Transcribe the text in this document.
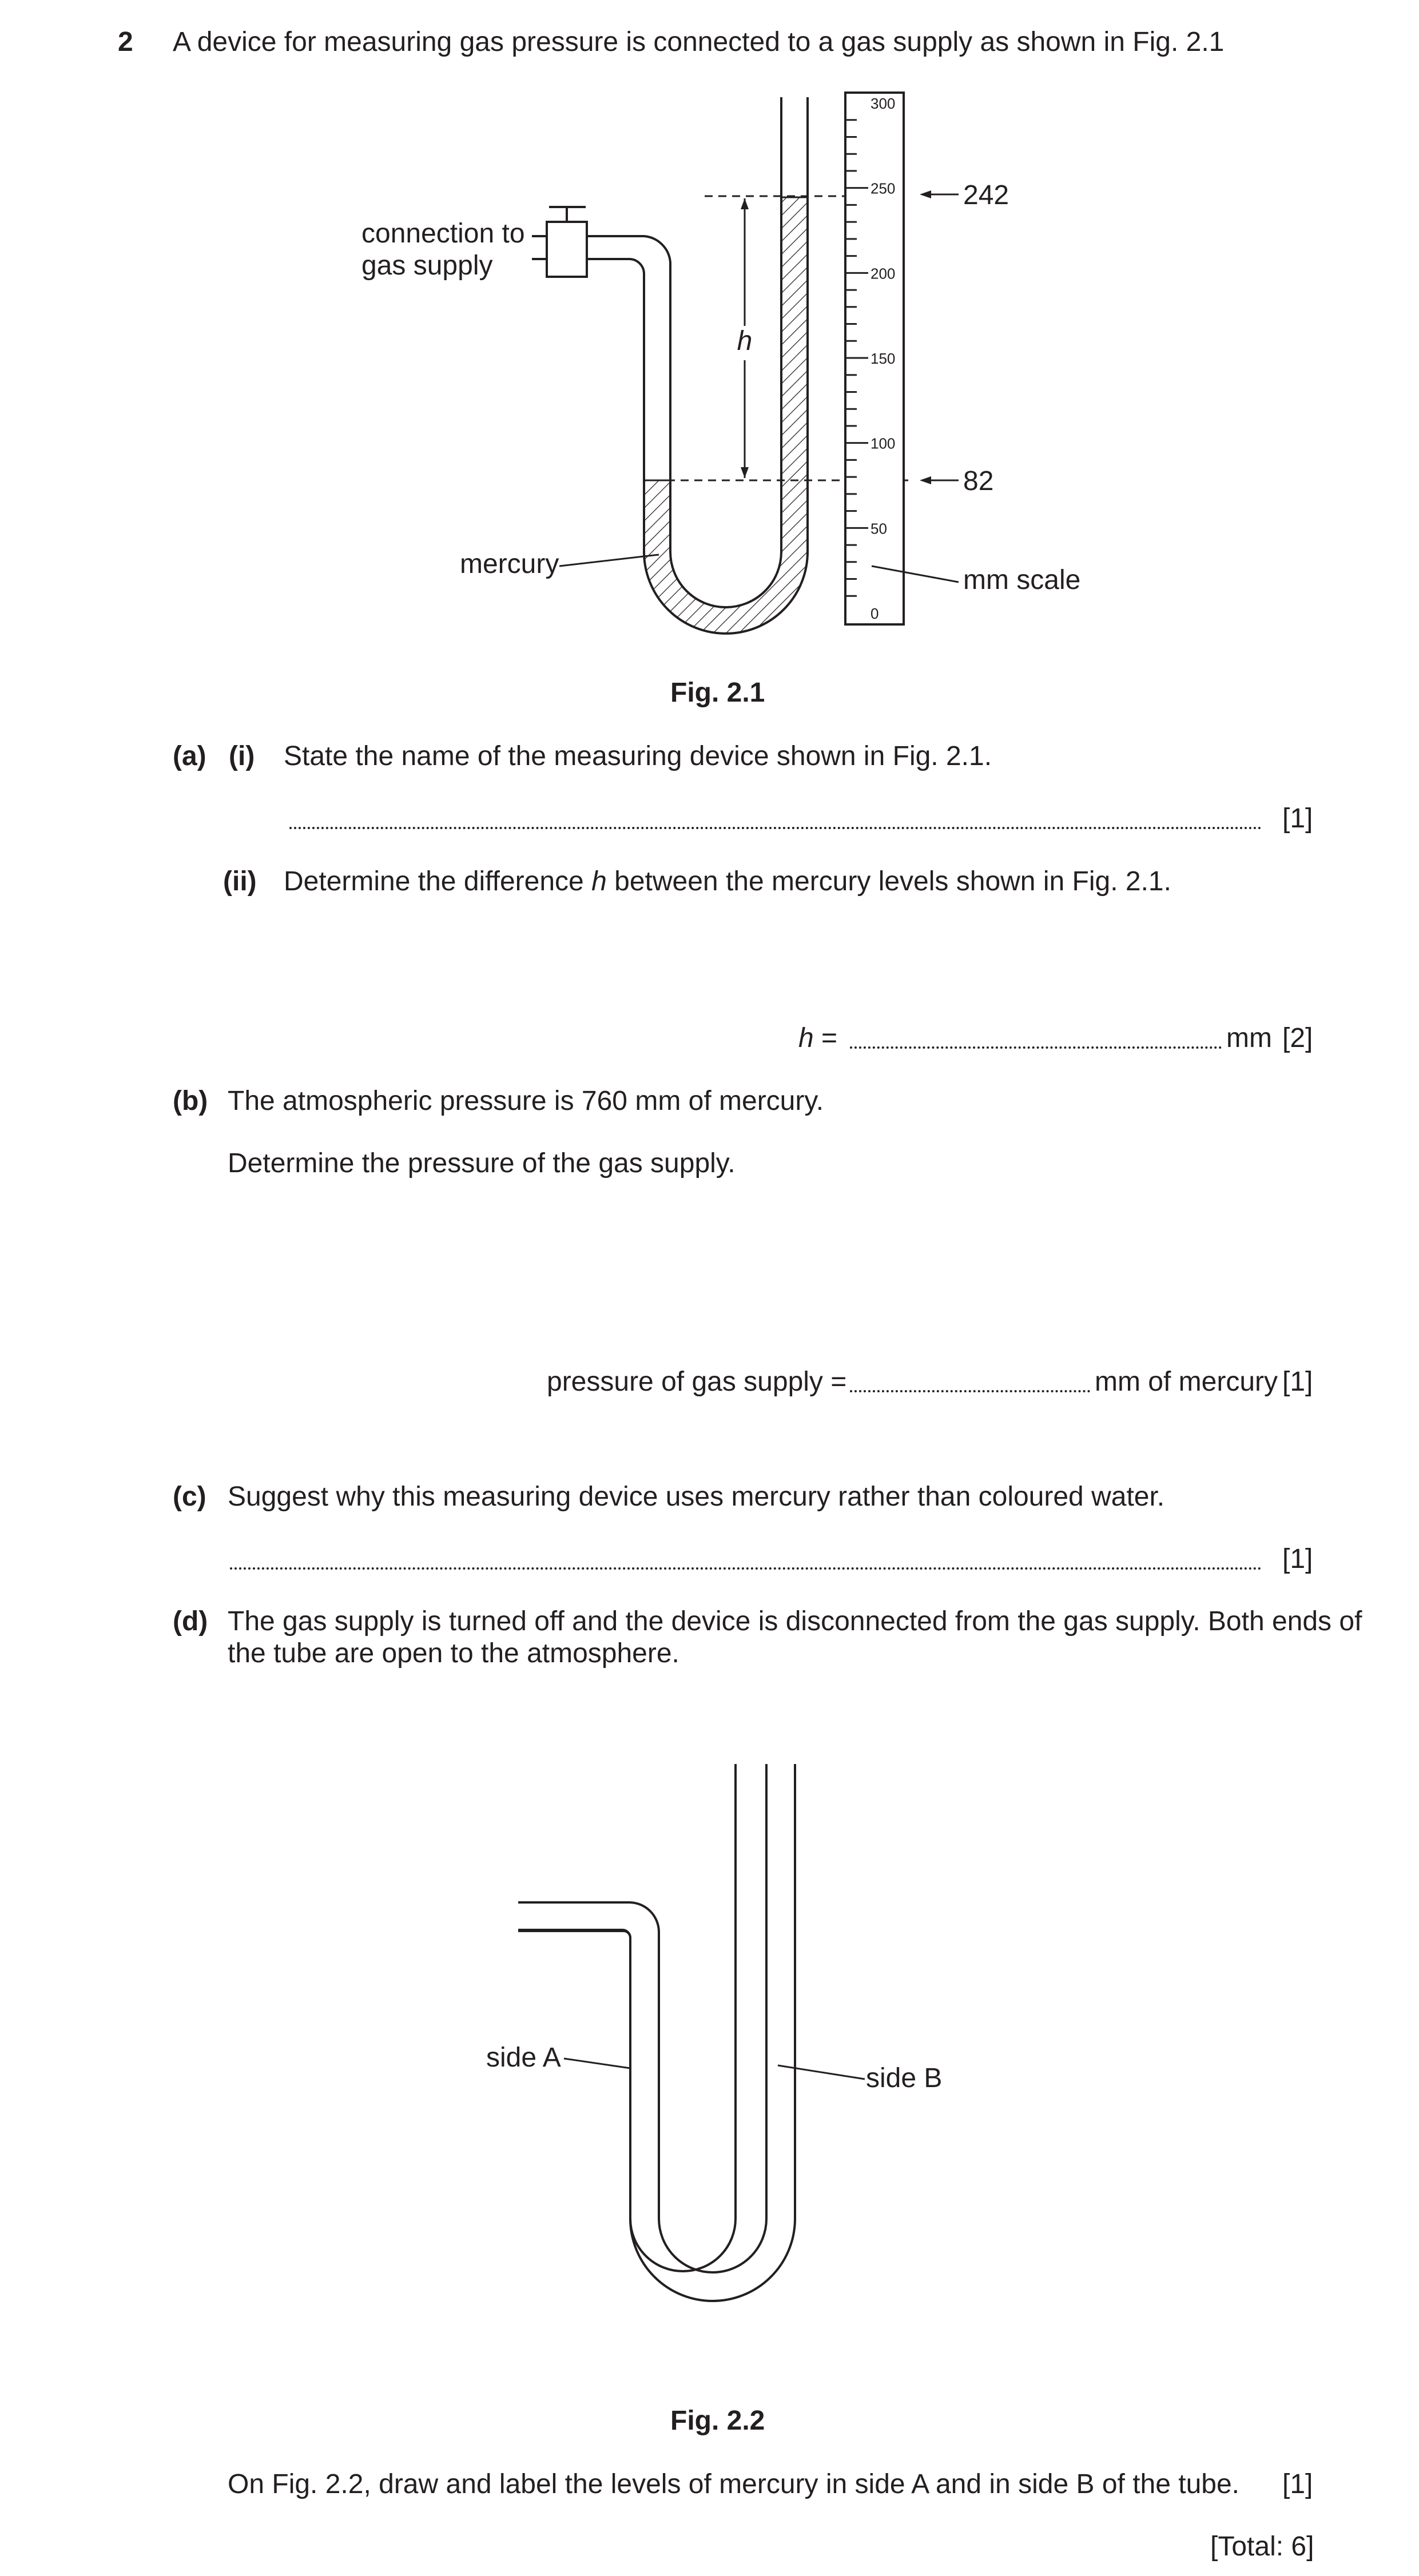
2 A device for measuring gas pressure is connected to a gas supply as shown in Fig. 2.1
h
0
50
100
150
200
250
300
242
82
connection to
gas supply
mercury
mm scale
Fig. 2.1
(a) (i) State the name of the measuring device shown in Fig. 2.1.
[1]
(ii) Determine the difference h between the mercury levels shown in Fig. 2.1.
h =	mm [2]
(b) The atmospheric pressure is 760 mm of mercury.
Determine the pressure of the gas supply.
pressure of gas supply =	mm of mercury [1]
(c) Suggest why this measuring device uses mercury rather than coloured water.
[1]
(d) The gas supply is turned off and the device is disconnected from the gas supply. Both ends of
the tube are open to the atmosphere.
side A
side B
Fig. 2.2
On Fig. 2.2, draw and label the levels of mercury in side A and in side B of the tube. [1]
[Total: 6]
